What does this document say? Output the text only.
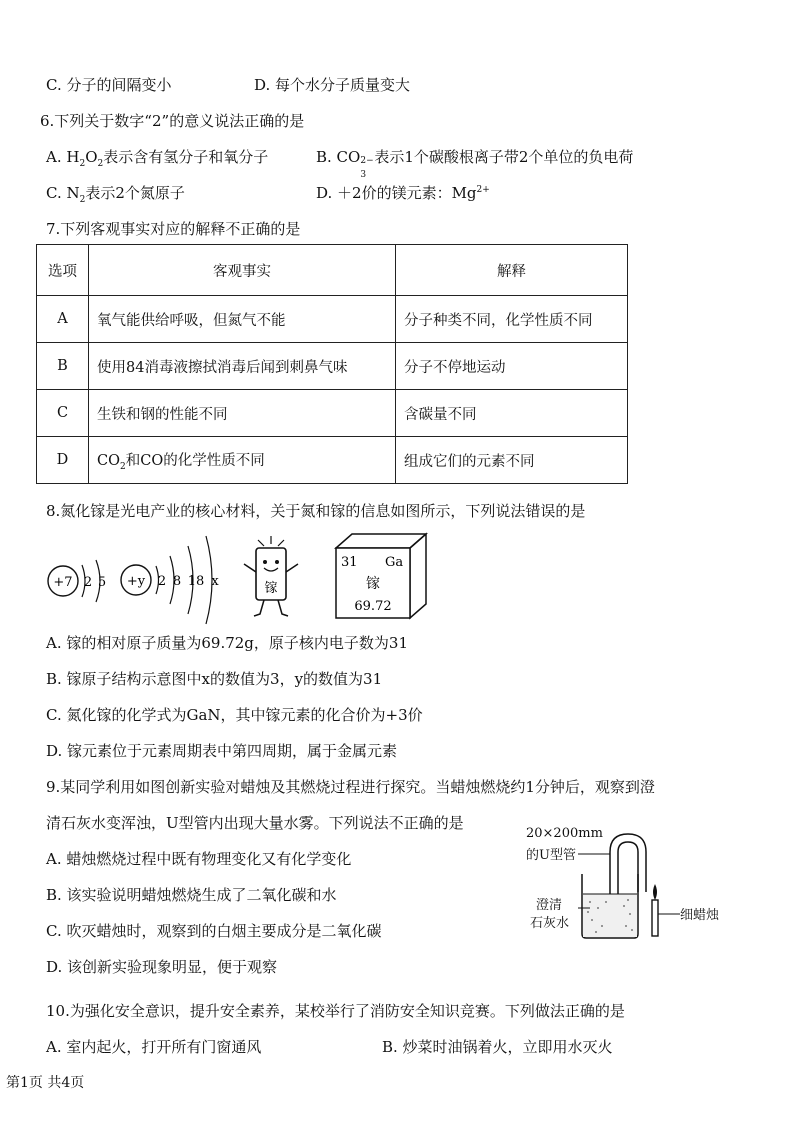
C. 分子的间隔变小	D. 每个水分子质量变大
6.下列关于数字“2”的意义说法正确的是
A. $H_2O_2$表示含有氢分子和氧分子	B. CO 2−
3
表示1个碳酸根离子带2个单位的负电荷
C. $N_2$表示2个氮原子	D. ＋2价的镁元素：$Mg^{2+}$
7.下列客观事实对应的解释不正确的是
选项	客观事实	解释
A	氧气能供给呼吸，但氮气不能	分子种类不同，化学性质不同
B	使用84消毒液擦拭消毒后闻到刺鼻气味	分子不停地运动
C	生铁和钢的性能不同	含碳量不同
D	$CO_2$和CO的化学性质不同	组成它们的元素不同
8.氮化镓是光电产业的核心材料，关于氮和镓的信息如图所示，下列说法错误的是
+7 2 5 +y 2 8 18 x	镓
31 Ga
镓
69.72
A. 镓的相对原子质量为69.72g，原子核内电子数为31
B. 镓原子结构示意图中x的数值为3，y的数值为31
C. 氮化镓的化学式为GaN，其中镓元素的化合价为+3价
D. 镓元素位于元素周期表中第四周期，属于金属元素
9.某同学利用如图创新实验对蜡烛及其燃烧过程进行探究。当蜡烛燃烧约1分钟后，观察到澄
清石灰水变浑浊，U型管内出现大量水雾。下列说法不正确的是
20×200mm
的U型管
澄清
石灰水
细蜡烛
A. 蜡烛燃烧过程中既有物理变化又有化学变化
B. 该实验说明蜡烛燃烧生成了二氧化碳和水
C. 吹灭蜡烛时，观察到的白烟主要成分是二氧化碳
D. 该创新实验现象明显，便于观察
10.为强化安全意识，提升安全素养，某校举行了消防安全知识竞赛。下列做法正确的是
A. 室内起火，打开所有门窗通风	B. 炒菜时油锅着火，立即用水灭火
第1页 共4页
